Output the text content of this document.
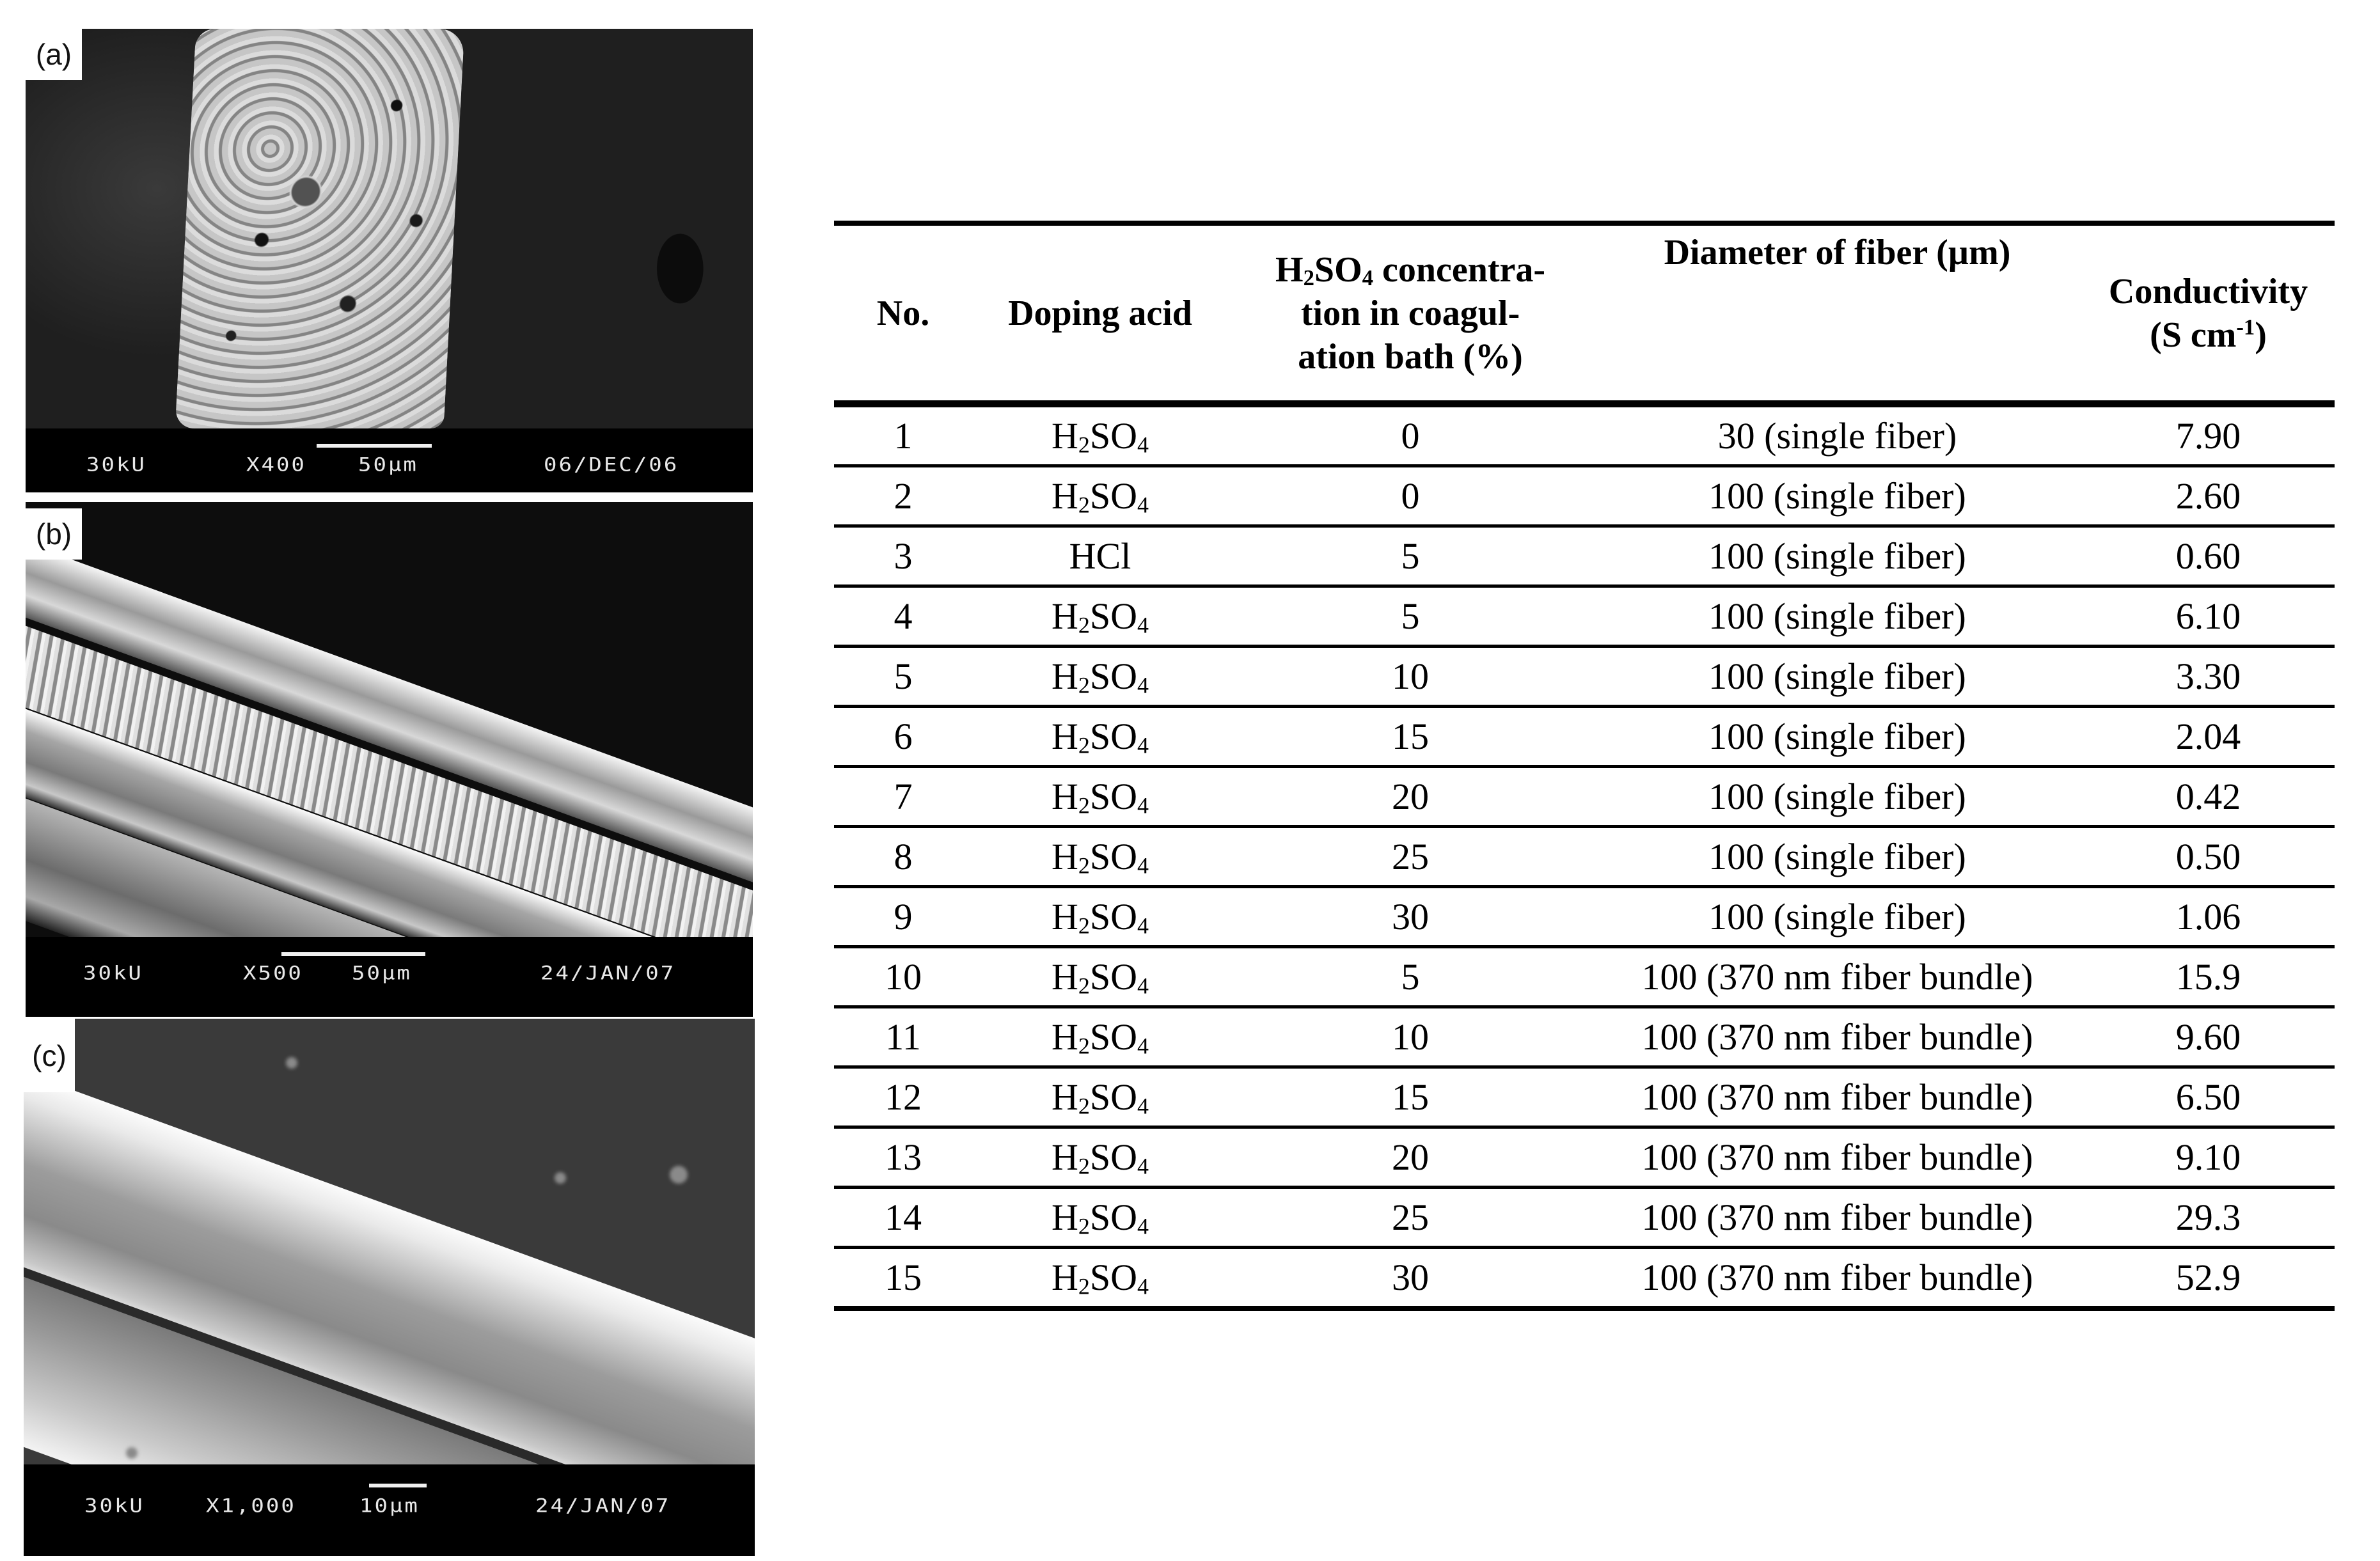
(a)
30kU	X400 50µm	06/DEC/06
(b)
30kU	X500 50µm	24/JAN/07
(c)
30kU	X1,000	10µm	24/JAN/07
No.	Doping acid	$H_2SO_4$ concentra-
tion in coagul-
ation bath (%)	Diameter of fiber (µm)	Conductivity
(S $cm^{-1}$)
1	$H_2SO_4$	0	30 (single fiber)	7.90
2	$H_2SO_4$	0	100 (single fiber)	2.60
3	HCl	5	100 (single fiber)	0.60
4	$H_2SO_4$	5	100 (single fiber)	6.10
5	$H_2SO_4$	10	100 (single fiber)	3.30
6	$H_2SO_4$	15	100 (single fiber)	2.04
7	$H_2SO_4$	20	100 (single fiber)	0.42
8	$H_2SO_4$	25	100 (single fiber)	0.50
9	$H_2SO_4$	30	100 (single fiber)	1.06
10	$H_2SO_4$	5	100 (370 nm fiber bundle)	15.9
11	$H_2SO_4$	10	100 (370 nm fiber bundle)	9.60
12	$H_2SO_4$	15	100 (370 nm fiber bundle)	6.50
13	$H_2SO_4$	20	100 (370 nm fiber bundle)	9.10
14	$H_2SO_4$	25	100 (370 nm fiber bundle)	29.3
15	$H_2SO_4$	30	100 (370 nm fiber bundle)	52.9
